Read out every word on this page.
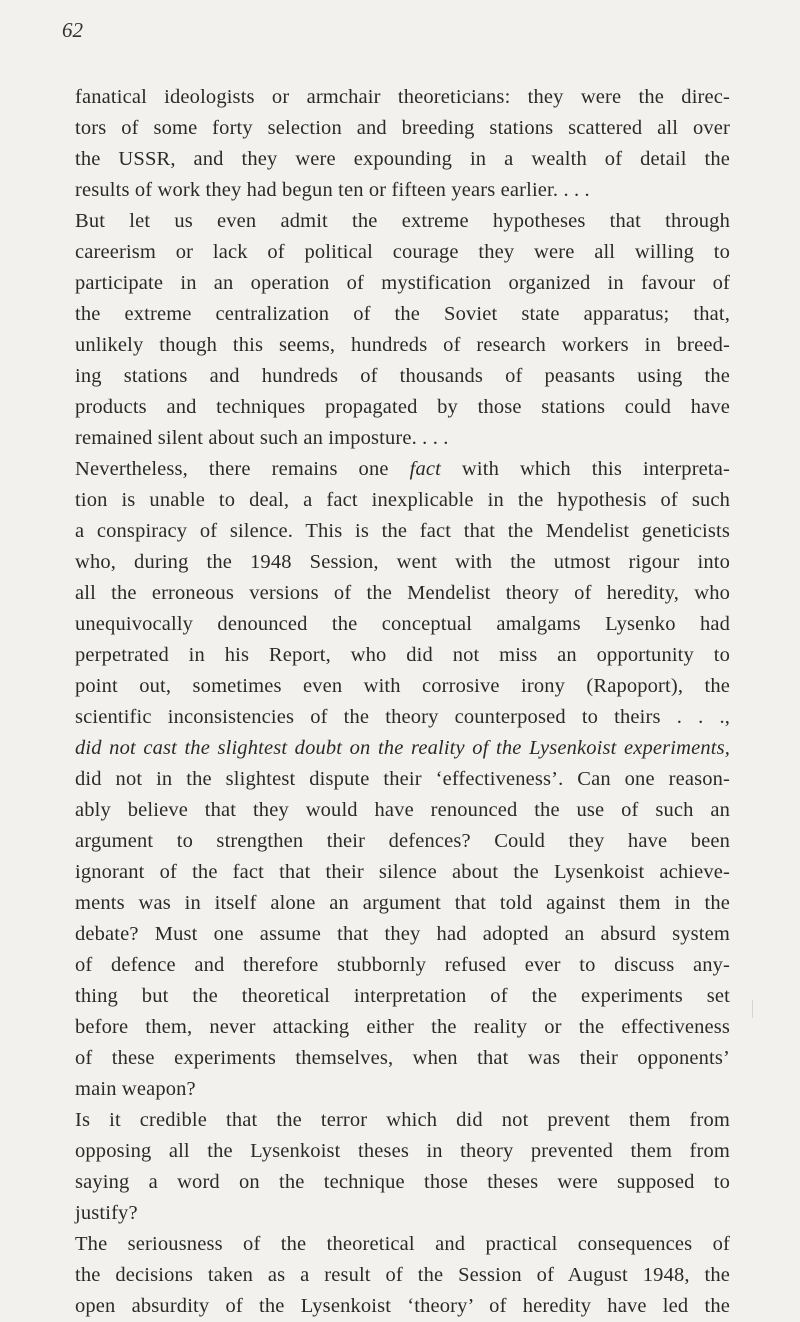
62
fanatical ideologists or armchair theoreticians: they were the direc-
tors of some forty selection and breeding stations scattered all over
the USSR, and they were expounding in a wealth of detail the
results of work they had begun ten or fifteen years earlier. . . .
But let us even admit the extreme hypotheses that through
careerism or lack of political courage they were all willing to
participate in an operation of mystification organized in favour of
the extreme centralization of the Soviet state apparatus; that,
unlikely though this seems, hundreds of research workers in breed-
ing stations and hundreds of thousands of peasants using the
products and techniques propagated by those stations could have
remained silent about such an imposture. . . .
Nevertheless, there remains one fact with which this interpreta-
tion is unable to deal, a fact inexplicable in the hypothesis of such
a conspiracy of silence. This is the fact that the Mendelist geneticists
who, during the 1948 Session, went with the utmost rigour into
all the erroneous versions of the Mendelist theory of heredity, who
unequivocally denounced the conceptual amalgams Lysenko had
perpetrated in his Report, who did not miss an opportunity to
point out, sometimes even with corrosive irony (Rapoport), the
scientific inconsistencies of the theory counterposed to theirs . . .,
did not cast the slightest doubt on the reality of the Lysenkoist experiments,
did not in the slightest dispute their ‘effectiveness’. Can one reason-
ably believe that they would have renounced the use of such an
argument to strengthen their defences? Could they have been
ignorant of the fact that their silence about the Lysenkoist achieve-
ments was in itself alone an argument that told against them in the
debate? Must one assume that they had adopted an absurd system
of defence and therefore stubbornly refused ever to discuss any-
thing but the theoretical interpretation of the experiments set
before them, never attacking either the reality or the effectiveness
of these experiments themselves, when that was their opponents’
main weapon?
Is it credible that the terror which did not prevent them from
opposing all the Lysenkoist theses in theory prevented them from
saying a word on the technique those theses were supposed to
justify?
The seriousness of the theoretical and practical consequences of
the decisions taken as a result of the Session of August 1948, the
open absurdity of the Lysenkoist ‘theory’ of heredity have led the
